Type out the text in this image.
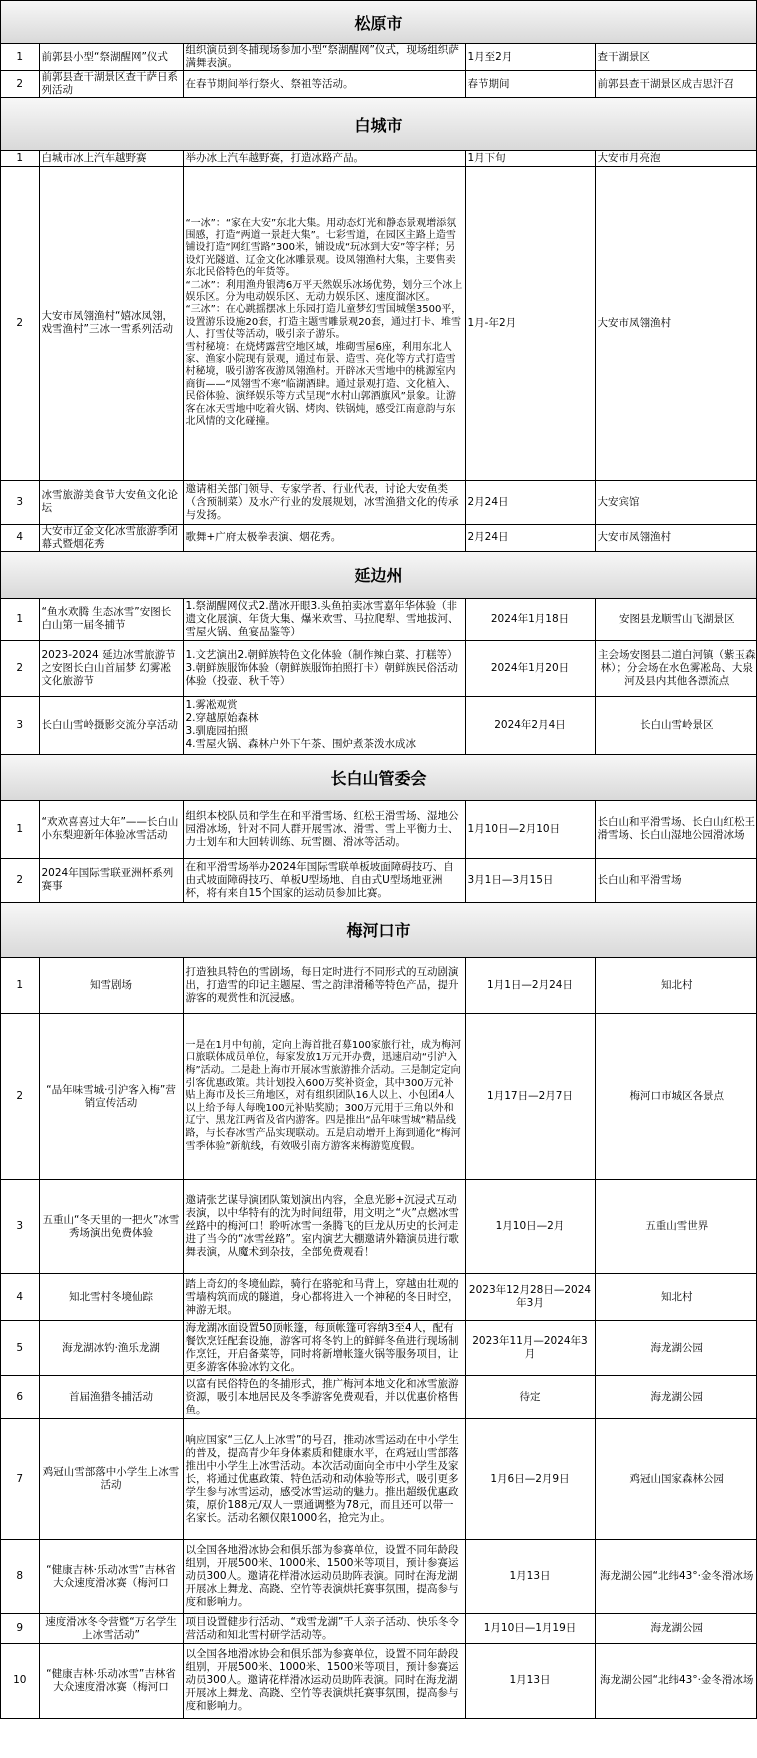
松原市
1	前郭县小型“祭湖醒网”仪式	组织演员到冬捕现场参加小型“祭湖醒网”仪式，现场组织萨满舞表演。	1月至2月	查干湖景区
2	前郭县查干湖景区查干萨日系列活动	在春节期间举行祭火、祭祖等活动。	春节期间	前郭县查干湖景区成吉思汗召
白城市
1	白城市冰上汽车越野赛	举办冰上汽车越野赛，打造冰路产品。	1月下旬	大安市月亮泡
2	大安市凤翎渔村“嬉冰凤翎，戏雪渔村”三冰一雪系列活动	“一冰”：“家在大安”东北大集。用动态灯光和静态景观增添氛围感，打造“两道一景赶大集”。七彩雪道，在园区主路上造雪铺设打造“网红雪路”300米，铺设成“玩冰到大安”等字样；另设灯光隧道、辽金文化冰雕景观。设凤翎渔村大集，主要售卖东北民俗特色的年货等。
“二冰”：利用渔舟银湾6万平天然娱乐冰场优势，划分三个冰上娱乐区。分为电动娱乐区、无动力娱乐区、速度溜冰区。
“三冰”：在心跳摇摆冰上乐园打造儿童梦幻雪国城堡3500平，设置游乐设施20套，打造主题雪雕景观20套，通过打卡、堆雪人、打雪仗等活动，吸引亲子游乐。
雪村秘境：在烧烤露营空地区域，堆砌雪屋6座，利用东北人家、渔家小院现有景观，通过布景、造雪、亮化等方式打造雪村秘境，吸引游客夜游凤翎渔村。开辟冰天雪地中的桃源室内商街——“凤翎雪不寒”临湖酒肆。通过景观打造、文化植入、民俗体验、演绎娱乐等方式呈现“水村山郭酒旗风”景象。让游客在冰天雪地中吃着火锅、烤肉、铁锅炖，感受江南意韵与东北风情的文化碰撞。	1月-年2月	大安市凤翎渔村
3	冰雪旅游美食节大安鱼文化论坛	邀请相关部门领导、专家学者、行业代表，讨论大安鱼类（含预制菜）及水产行业的发展规划，冰雪渔猎文化的传承与发扬。	2月24日	大安宾馆
4	大安市辽金文化冰雪旅游季闭幕式暨烟花秀	歌舞+广府太极拳表演、烟花秀。	2月24日	大安市凤翎渔村
延边州
1	“鱼水欢腾 生态冰雪”安图长白山第一届冬捕节	1.祭湖醒网仪式2.凿冰开眼3.头鱼拍卖冰雪嘉年华体验（非遗文化展演、年货大集、爆米欢雪、马拉爬犁、雪地拔河、雪屋火锅、鱼宴品鉴等）	2024年1月18日	安图县龙顺雪山飞湖景区
2	2023-2024 延边冰雪旅游节之安图长白山首届梦 幻雾凇文化旅游节	1.文艺演出2.朝鲜族特色文化体验（制作辣白菜、打糕等）3.朝鲜族服饰体验（朝鲜族服饰拍照打卡）朝鲜族民俗活动体验（投壶、秋千等）	2024年1月20日	主会场安图县二道白河镇（紫玉森林）；分会场在水色雾凇岛、大泉河及县内其他各漂流点
3	长白山雪岭摄影交流分享活动	1.雾凇观赏
2.穿越原始森林
3.驯鹿园拍照
4.雪屋火锅、森林户外下午茶、围炉煮茶泼水成冰	2024年2月4日	长白山雪岭景区
长白山管委会
1	“欢欢喜喜过大年”——长白山小东梨迎新年体验冰雪活动	组织本校队员和学生在和平滑雪场、红松王滑雪场、湿地公园滑冰场，针对不同人群开展雪冰、滑雪、雪上平衡力士、力士划车和大回转训练、玩雪圈、滑冰等活动。	1月10日—2月10日	长白山和平滑雪场、长白山红松王滑雪场、长白山湿地公园滑冰场
2	2024年国际雪联亚洲杯系列赛事	在和平滑雪场举办2024年国际雪联单板坡面障碍技巧、自由式坡面障碍技巧、单板U型场地、自由式U型场地亚洲杯，将有来自15个国家的运动员参加比赛。	3月1日—3月15日	长白山和平滑雪场
梅河口市
1	知雪剧场	打造独具特色的雪剧场，每日定时进行不同形式的互动剧演出，打造雪的印记主题屋、雪之韵津滑稀等特色产品，提升游客的观赏性和沉浸感。	1月1日—2月24日	知北村
2	“品年味雪城·引沪客入梅”营销宣传活动	一是在1月中旬前，定向上海首批召募100家旅行社，成为梅河口旅联体成员单位，每家发放1万元开办费，迅速启动“引沪入梅”活动。二是赴上海市开展冰雪旅游推介活动。三是制定定向引客优惠政策。共计划投入600万奖补资金，其中300万元补贴上海市及长三角地区，对有组织团队16人以上、小包团4人以上给予每人每晚100元补贴奖励；300万元用于三角以外和辽宁、黑龙江两省及省内游客。四是推出“品年味雪城”精品线路，与长春冰雪产品实现联动。五是启动增开上海到通化“梅河雪季体验”新航线，有效吸引南方游客来梅游览度假。	1月17日—2月7日	梅河口市城区各景点
3	五重山“冬天里的一把火”冰雪秀场演出免费体验	邀请张艺谋导演团队策划演出内容，全息光影+沉浸式互动表演，以中华特有的沈为时间纽带，用文明之“火”点燃冰雪丝路中的梅河口！聆听冰雪一条腾飞的巨龙从历史的长河走进了当今的“冰雪丝路”。室内演艺大棚邀请外籍演员进行歌舞表演，从魔术到杂技，全部免费观看！	1月10日—2月	五重山雪世界
4	知北雪村冬境仙踪	踏上奇幻的冬境仙踪，骑行在骆驼和马背上，穿越由壮观的雪墙构筑而成的隧道，身心都将进入一个神秘的冬日时空，神游无垠。	2023年12月28日—2024年3月	知北村
5	海龙湖冰钓·渔乐龙湖	海龙湖冰面设置50顶帐篷，每顶帐篷可容纳3至4人，配有餐饮烹饪配套设施，游客可将冬钓上的鲜鲜冬鱼进行现场制作烹饪，开启备菜等，同时将新增帐篷火锅等服务项目，让更多游客体验冰钓文化。	2023年11月—2024年3月	海龙湖公园
6	首届渔猎冬捕活动	以富有民俗特色的冬捕形式，推广梅河本地文化和冰雪旅游资源，吸引本地居民及冬季游客免费观看，并以优惠价格售鱼。	待定	海龙湖公园
7	鸡冠山雪部落中小学生上冰雪活动	响应国家“三亿人上冰雪”的号召，推动冰雪运动在中小学生的普及，提高青少年身体素质和健康水平，在鸡冠山雪部落推出中小学生上冰雪活动。本次活动面向全市中小学生及家长，将通过优惠政策、特色活动和动体验等形式，吸引更多学生参与冰雪运动，感受冰雪运动的魅力。推出超级优惠政策，原价188元/双人一票通调整为78元，而且还可以带一名家长。活动名额仅限1000名，抢完为止。	1月6日—2月9日	鸡冠山国家森林公园
8	“健康吉林·乐动冰雪”吉林省大众速度滑冰赛（梅河口	以全国各地滑冰协会和俱乐部为参赛单位，设置不同年龄段组别，开展500米、1000米、1500米等项目，预计参赛运动员300人。邀请花样滑冰运动员助阵表演。同时在海龙湖开展冰上舞龙、高跷、空竹等表演烘托赛事氛围，提高参与度和影响力。	1月13日	海龙湖公园“北纬43°·金冬滑冰场
9	速度滑冰冬令营暨“万名学生上冰雪活动”	项目设置健步行活动、“戏雪龙湖”千人亲子活动、快乐冬令营活动和知北雪村研学活动等。	1月10日—1月19日	海龙湖公园
10	“健康吉林·乐动冰雪”吉林省大众速度滑冰赛（梅河口	以全国各地滑冰协会和俱乐部为参赛单位，设置不同年龄段组别，开展500米、1000米、1500米等项目，预计参赛运动员300人。邀请花样滑冰运动员助阵表演。同时在海龙湖开展冰上舞龙、高跷、空竹等表演烘托赛事氛围，提高参与度和影响力。	1月13日	海龙湖公园“北纬43°·金冬滑冰场
